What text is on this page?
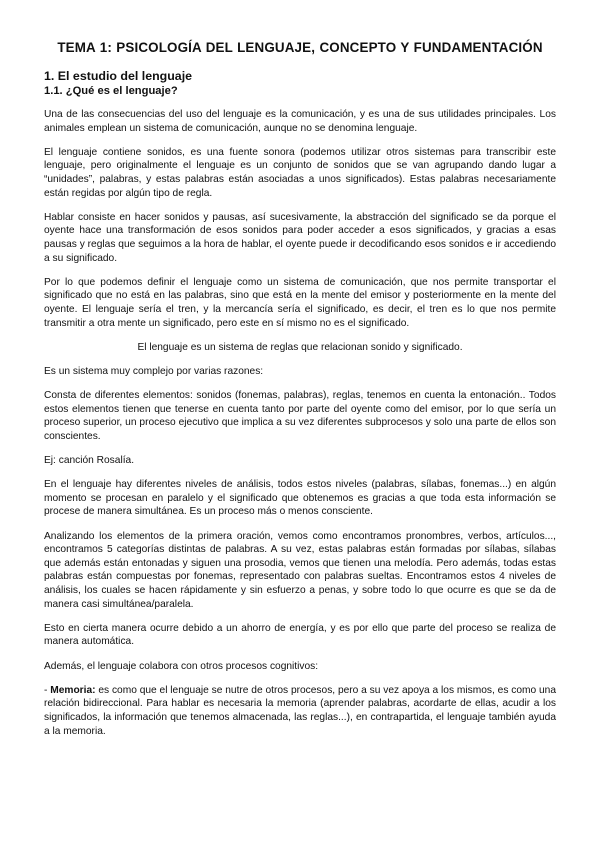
TEMA 1: PSICOLOGÍA DEL LENGUAJE, CONCEPTO Y FUNDAMENTACIÓN
1. El estudio del lenguaje
1.1. ¿Qué es el lenguaje?

Una de las consecuencias del uso del lenguaje es la comunicación, y es una de sus utilidades principales. Los animales emplean un sistema de comunicación, aunque no se denomina lenguaje.

El lenguaje contiene sonidos, es una fuente sonora (podemos utilizar otros sistemas para transcribir este lenguaje, pero originalmente el lenguaje es un conjunto de sonidos que se van agrupando dando lugar a “unidades”, palabras, y estas palabras están asociadas a unos significados). Estas palabras necesariamente están regidas por algún tipo de regla.

Hablar consiste en hacer sonidos y pausas, así sucesivamente, la abstracción del significado se da porque el oyente hace una transformación de esos sonidos para poder acceder a esos significados, y gracias a esas pausas y reglas que seguimos a la hora de hablar, el oyente puede ir decodificando esos sonidos e ir accediendo a su significado.

Por lo que podemos definir el lenguaje como un sistema de comunicación, que nos permite transportar el significado que no está en las palabras, sino que está en la mente del emisor y posteriormente en la mente del oyente. El lenguaje sería el tren, y la mercancía sería el significado, es decir, el tren es lo que nos permite transmitir a otra mente un significado, pero este en sí mismo no es el significado.

El lenguaje es un sistema de reglas que relacionan sonido y significado.

Es un sistema muy complejo por varias razones:

Consta de diferentes elementos: sonidos (fonemas, palabras), reglas, tenemos en cuenta la entonación.. Todos estos elementos tienen que tenerse en cuenta tanto por parte del oyente como del emisor, por lo que sería un proceso superior, un proceso ejecutivo que implica a su vez diferentes subprocesos y solo una parte de ellos son conscientes.

Ej: canción Rosalía.

En el lenguaje hay diferentes niveles de análisis, todos estos niveles (palabras, sílabas, fonemas...) en algún momento se procesan en paralelo y el significado que obtenemos es gracias a que toda esta información se procese de manera simultánea. Es un proceso más o menos consciente.

Analizando los elementos de la primera oración, vemos como encontramos pronombres, verbos, artículos..., encontramos 5 categorías distintas de palabras. A su vez, estas palabras están formadas por sílabas, sílabas que además están entonadas y siguen una prosodia, vemos que tienen una melodía. Pero además, todas estas palabras están compuestas por fonemas, representado con palabras sueltas. Encontramos estos 4 niveles de análisis, los cuales se hacen rápidamente y sin esfuerzo a penas, y sobre todo lo que ocurre es que se da de manera casi simultánea/paralela.

Esto en cierta manera ocurre debido a un ahorro de energía, y es por ello que parte del proceso se realiza de manera automática.

Además, el lenguaje colabora con otros procesos cognitivos:

- Memoria: es como que el lenguaje se nutre de otros procesos, pero a su vez apoya a los mismos, es como una relación bidireccional. Para hablar es necesaria la memoria (aprender palabras, acordarte de ellas, acudir a los significados, la información que tenemos almacenada, las reglas...), en contrapartida, el lenguaje también ayuda a la memoria.
